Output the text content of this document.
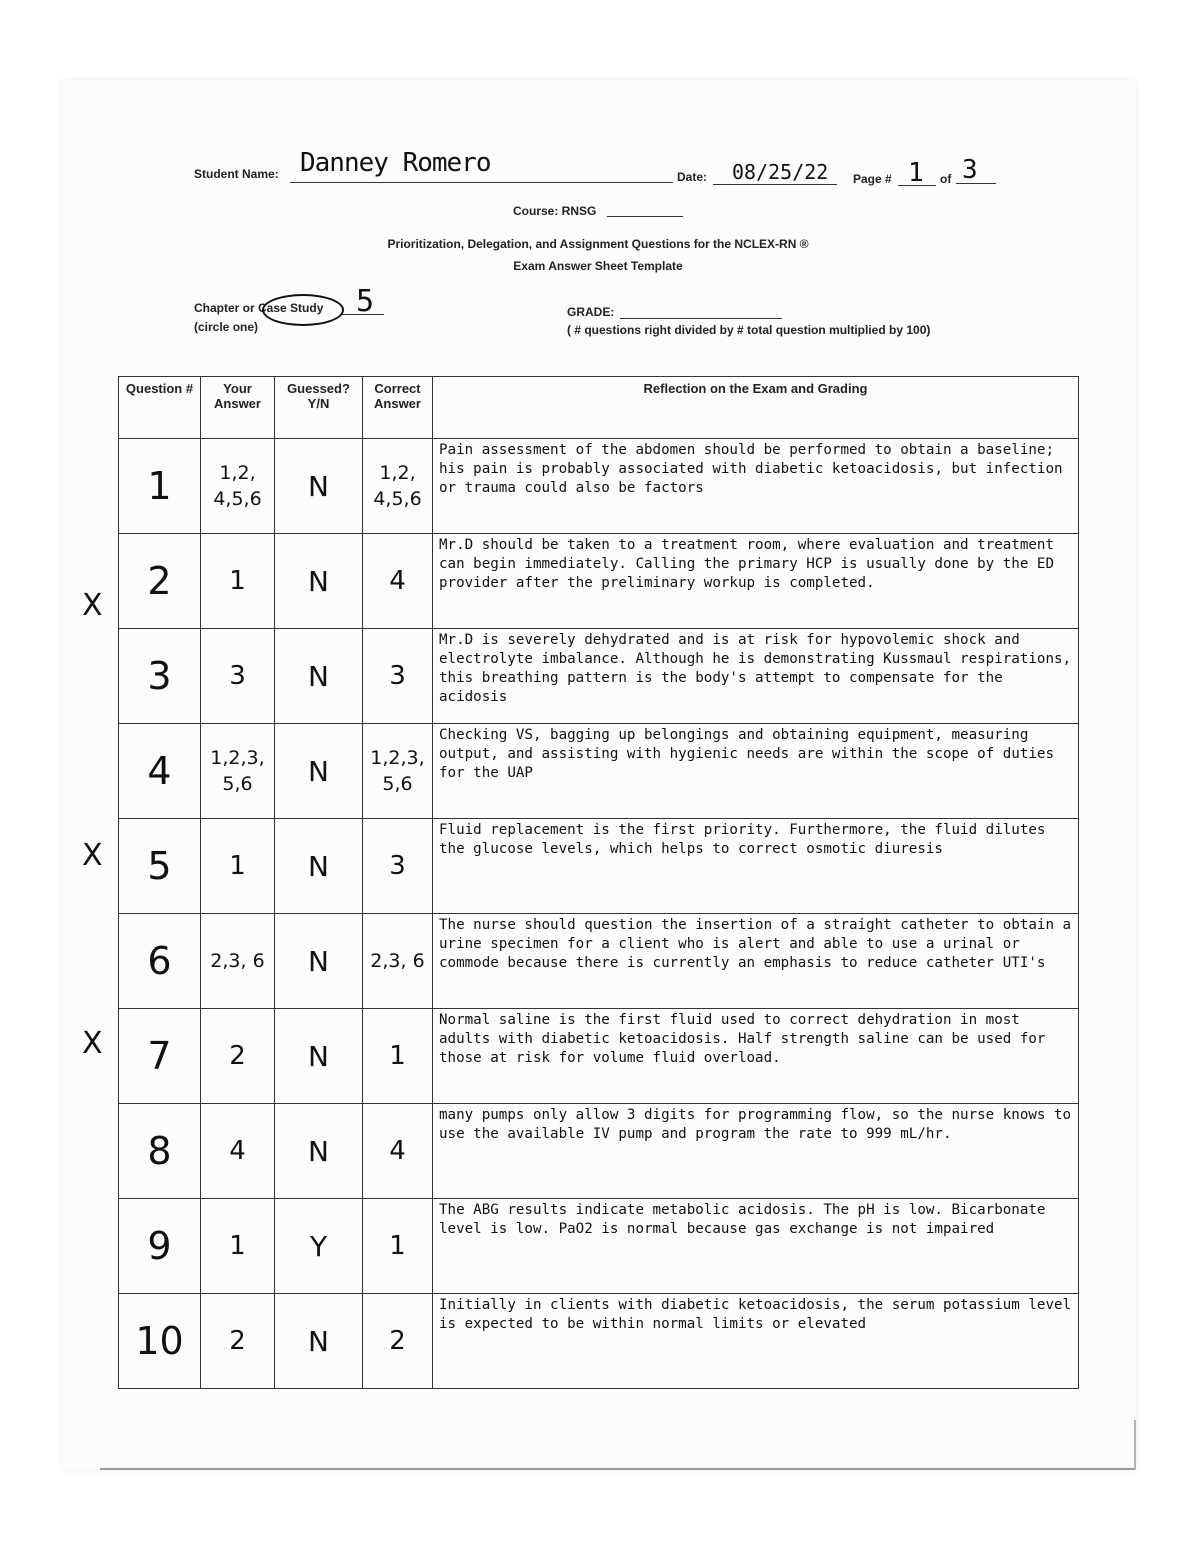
Student Name: Danney Romero	Date: 08/25/22 Page # 1 of 3
Course: RNSG
Prioritization, Delegation, and Assignment Questions for the NCLEX-RN ®
Exam Answer Sheet Template
Chapter or Case Study 5
(circle one)
GRADE:
( # questions right divided by # total question multiplied by 100)
Question #	Your Answer	Guessed? Y/N	Correct Answer	Reflection on the Exam and Grading
1	1,2, 4,5,6	N	1,2, 4,5,6	Pain assessment of the abdomen should be performed to obtain a baseline; his pain is probably associated with diabetic ketoacidosis, but infection or trauma could also be factors
2	1	N	4	Mr.D should be taken to a treatment room, where evaluation and treatment can begin immediately. Calling the primary HCP is usually done by the ED provider after the preliminary workup is completed.
3	3	N	3	Mr.D is severely dehydrated and is at risk for hypovolemic shock and electrolyte imbalance. Although he is demonstrating Kussmaul respirations, this breathing pattern is the body's attempt to compensate for the acidosis
4	1,2,3, 5,6	N	1,2,3, 5,6	Checking VS, bagging up belongings and obtaining equipment, measuring output, and assisting with hygienic needs are within the scope of duties for the UAP
5	1	N	3	Fluid replacement is the first priority. Furthermore, the fluid dilutes the glucose levels, which helps to correct osmotic diuresis
6	2,3, 6	N	2,3, 6	The nurse should question the insertion of a straight catheter to obtain a urine specimen for a client who is alert and able to use a urinal or commode because there is currently an emphasis to reduce catheter UTI's
7	2	N	1	Normal saline is the first fluid used to correct dehydration in most adults with diabetic ketoacidosis. Half strength saline can be used for those at risk for volume fluid overload.
8	4	N	4	many pumps only allow 3 digits for programming flow, so the nurse knows to use the available IV pump and program the rate to 999 mL/hr.
9	1	Y	1	The ABG results indicate metabolic acidosis. The pH is low. Bicarbonate level is low. PaO2 is normal because gas exchange is not impaired
10	2	N	2	Initially in clients with diabetic ketoacidosis, the serum potassium level is expected to be within normal limits or elevated
X
X
X
